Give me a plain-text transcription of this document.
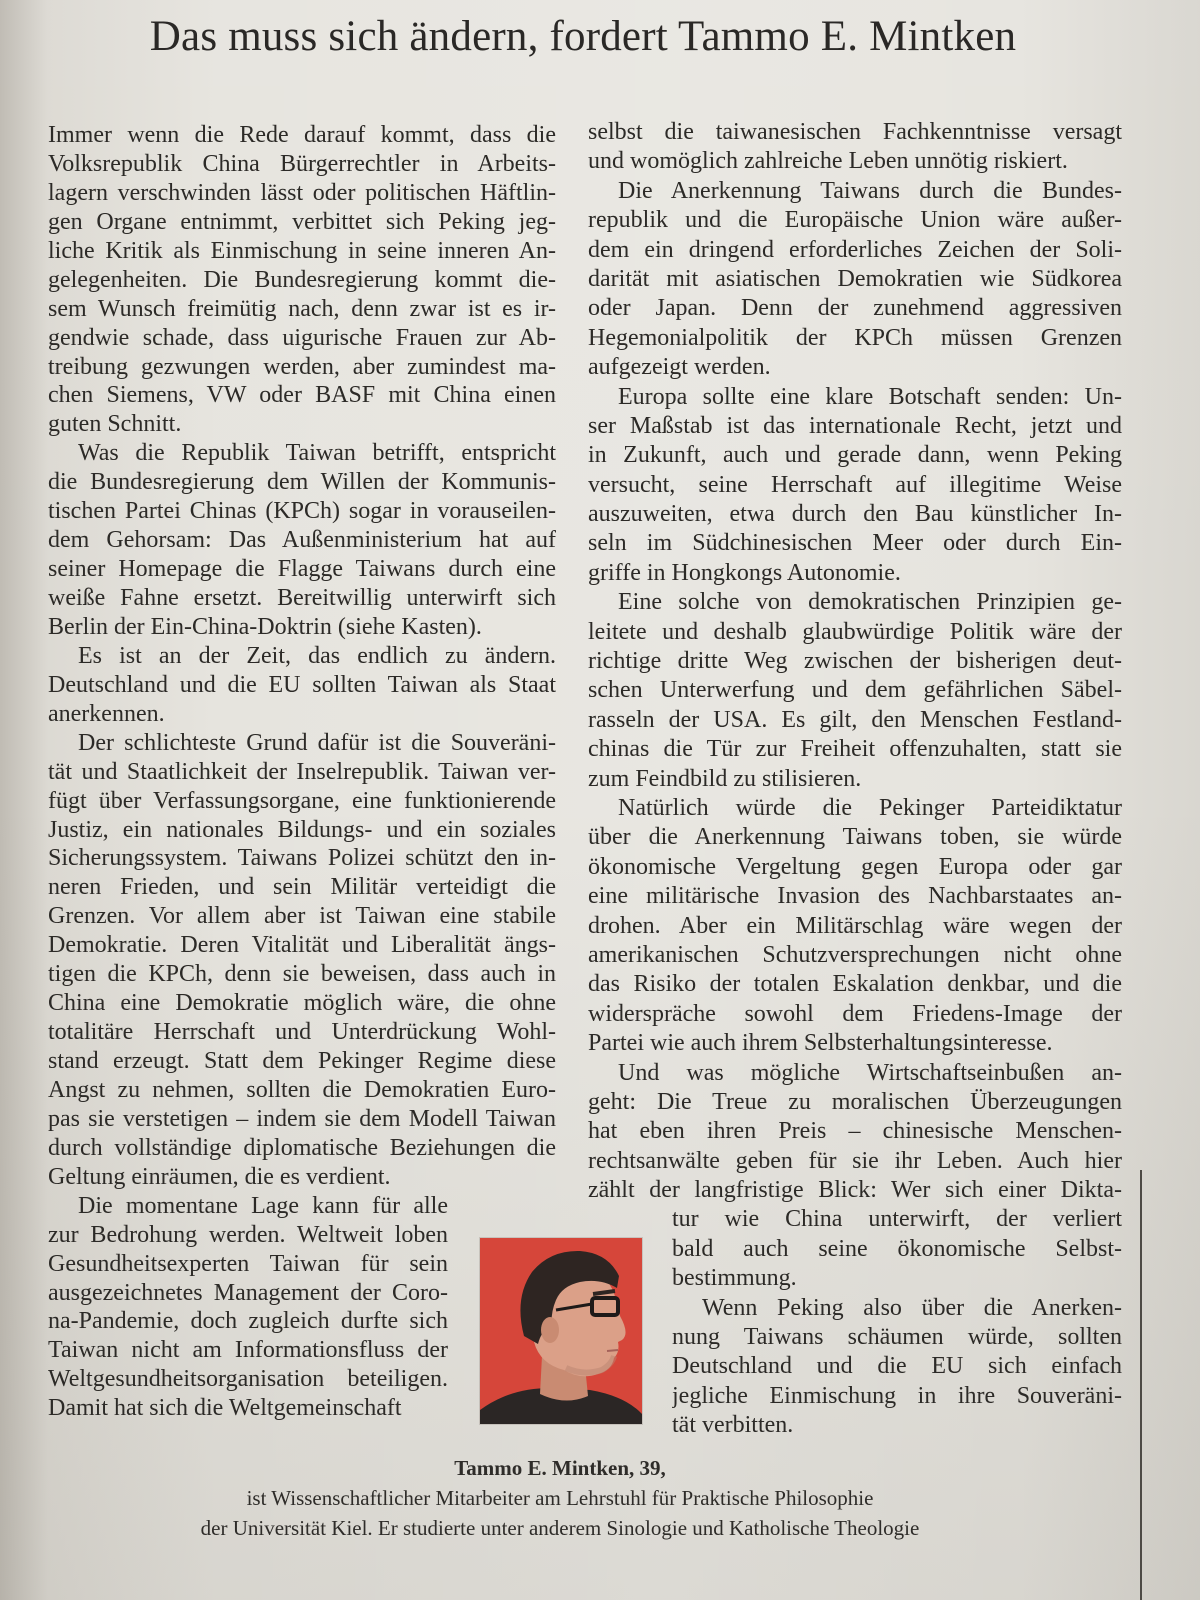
Das muss sich ändern, fordert Tammo E. Mintken
Immer wenn die Rede darauf kommt, dass die
Volksrepublik China Bürgerrechtler in Arbeits-
lagern verschwinden lässt oder politischen Häftlin-
gen Organe entnimmt, verbittet sich Peking jeg-
liche Kritik als Einmischung in seine inneren An-
gelegenheiten. Die Bundesregierung kommt die-
sem Wunsch freimütig nach, denn zwar ist es ir-
gendwie schade, dass uigurische Frauen zur Ab-
treibung gezwungen werden, aber zumindest ma-
chen Siemens, VW oder BASF mit China einen
guten Schnitt.
Was die Republik Taiwan betrifft, entspricht
die Bundesregierung dem Willen der Kommunis-
tischen Partei Chinas (KPCh) sogar in vorauseilen-
dem Gehorsam: Das Außenministerium hat auf
seiner Homepage die Flagge Taiwans durch eine
weiße Fahne ersetzt. Bereitwillig unterwirft sich
Berlin der Ein-China-Doktrin (siehe Kasten).
Es ist an der Zeit, das endlich zu ändern.
Deutschland und die EU sollten Taiwan als Staat
anerkennen.
Der schlichteste Grund dafür ist die Souveräni-
tät und Staatlichkeit der Inselrepublik. Taiwan ver-
fügt über Verfassungsorgane, eine funktionierende
Justiz, ein nationales Bildungs- und ein soziales
Sicherungssystem. Taiwans Polizei schützt den in-
neren Frieden, und sein Militär verteidigt die
Grenzen. Vor allem aber ist Taiwan eine stabile
Demokratie. Deren Vitalität und Liberalität ängs-
tigen die KPCh, denn sie beweisen, dass auch in
China eine Demokratie möglich wäre, die ohne
totalitäre Herrschaft und Unterdrückung Wohl-
stand erzeugt. Statt dem Pekinger Regime diese
Angst zu nehmen, sollten die Demokratien Euro-
pas sie verstetigen – indem sie dem Modell Taiwan
durch vollständige diplomatische Beziehungen die
Geltung einräumen, die es verdient.
Die momentane Lage kann für alle
zur Bedrohung werden. Weltweit loben
Gesundheitsexperten Taiwan für sein
ausgezeichnetes Management der Coro-
na-Pandemie, doch zugleich durfte sich
Taiwan nicht am Informationsfluss der
Weltgesundheitsorganisation beteiligen.
Damit hat sich die Weltgemeinschaft
selbst die taiwanesischen Fachkenntnisse versagt
und womöglich zahlreiche Leben unnötig riskiert.
Die Anerkennung Taiwans durch die Bundes-
republik und die Europäische Union wäre außer-
dem ein dringend erforderliches Zeichen der Soli-
darität mit asiatischen Demokratien wie Südkorea
oder Japan. Denn der zunehmend aggressiven
Hegemonialpolitik der KPCh müssen Grenzen
aufgezeigt werden.
Europa sollte eine klare Botschaft senden: Un-
ser Maßstab ist das internationale Recht, jetzt und
in Zukunft, auch und gerade dann, wenn Peking
versucht, seine Herrschaft auf illegitime Weise
auszuweiten, etwa durch den Bau künstlicher In-
seln im Südchinesischen Meer oder durch Ein-
griffe in Hongkongs Autonomie.
Eine solche von demokratischen Prinzipien ge-
leitete und deshalb glaubwürdige Politik wäre der
richtige dritte Weg zwischen der bisherigen deut-
schen Unterwerfung und dem gefährlichen Säbel-
rasseln der USA. Es gilt, den Menschen Festland-
chinas die Tür zur Freiheit offenzuhalten, statt sie
zum Feindbild zu stilisieren.
Natürlich würde die Pekinger Parteidiktatur
über die Anerkennung Taiwans toben, sie würde
ökonomische Vergeltung gegen Europa oder gar
eine militärische Invasion des Nachbarstaates an-
drohen. Aber ein Militärschlag wäre wegen der
amerikanischen Schutzversprechungen nicht ohne
das Risiko der totalen Eskalation denkbar, und die
widerspräche sowohl dem Friedens-Image der
Partei wie auch ihrem Selbsterhaltungsinteresse.
Und was mögliche Wirtschaftseinbußen an-
geht: Die Treue zu moralischen Überzeugungen
hat eben ihren Preis – chinesische Menschen-
rechtsanwälte geben für sie ihr Leben. Auch hier
zählt der langfristige Blick: Wer sich einer Dikta-
tur wie China unterwirft, der verliert
bald auch seine ökonomische Selbst-
bestimmung.
Wenn Peking also über die Anerken-
nung Taiwans schäumen würde, sollten
Deutschland und die EU sich einfach
jegliche Einmischung in ihre Souveräni-
tät verbitten.
Tammo E. Mintken, 39,
ist Wissenschaftlicher Mitarbeiter am Lehrstuhl für Praktische Philosophie
der Universität Kiel. Er studierte unter anderem Sinologie und Katholische Theologie
